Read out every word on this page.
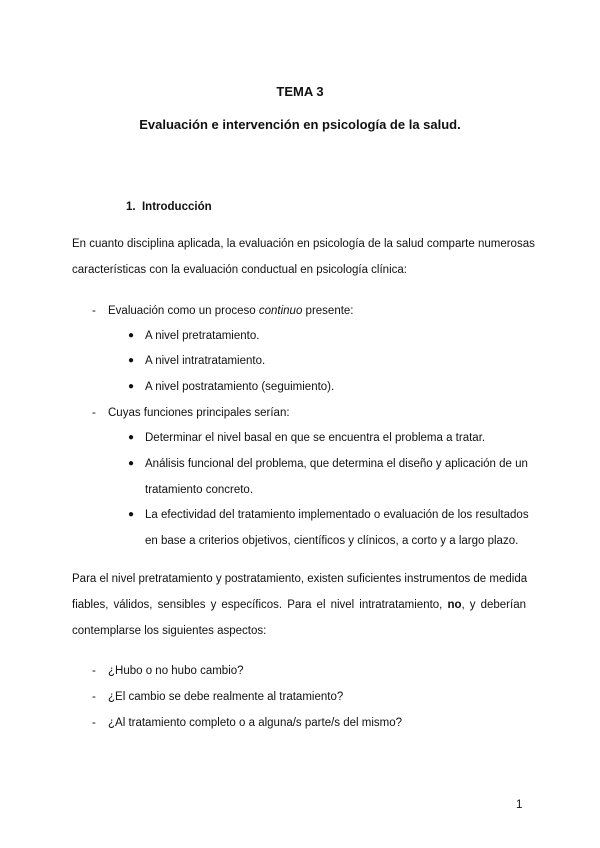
TEMA 3
Evaluación e intervención en psicología de la salud.
1. Introducción
En cuanto disciplina aplicada, la evaluación en psicología de la salud comparte numerosas
características con la evaluación conductual en psicología clínica:
- Evaluación como un proceso continuo presente:
● A nivel pretratamiento.
● A nivel intratratamiento.
● A nivel postratamiento (seguimiento).
- Cuyas funciones principales serían:
● Determinar el nivel basal en que se encuentra el problema a tratar.
● Análisis funcional del problema, que determina el diseño y aplicación de un
tratamiento concreto.
● La efectividad del tratamiento implementado o evaluación de los resultados
en base a criterios objetivos, científicos y clínicos, a corto y a largo plazo.
Para el nivel pretratamiento y postratamiento, existen suficientes instrumentos de medida
fiables, válidos, sensibles y específicos. Para el nivel intratratamiento, no, y deberían
contemplarse los siguientes aspectos:
- ¿Hubo o no hubo cambio?
- ¿El cambio se debe realmente al tratamiento?
- ¿Al tratamiento completo o a alguna/s parte/s del mismo?
1
